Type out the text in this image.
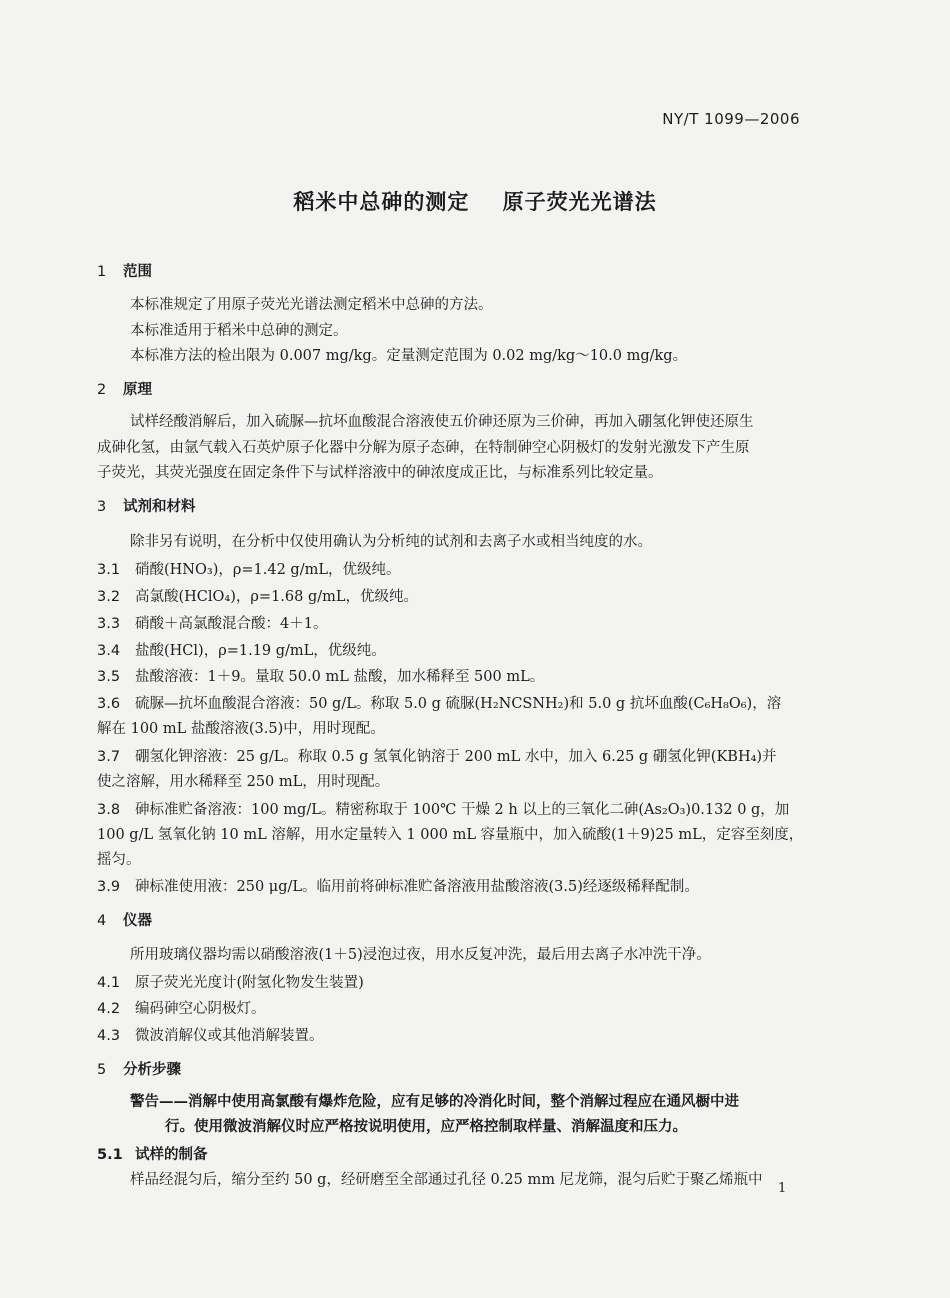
NY/T 1099—2006
稻米中总砷的测定    原子荧光光谱法
1 范围
本标准规定了用原子荧光光谱法测定稻米中总砷的方法。
本标准适用于稻米中总砷的测定。
本标准方法的检出限为 0.007 mg/kg。定量测定范围为 0.02 mg/kg～10.0 mg/kg。
2 原理
试样经酸消解后，加入硫脲—抗坏血酸混合溶液使五价砷还原为三价砷，再加入硼氢化钾使还原生
成砷化氢，由氩气载入石英炉原子化器中分解为原子态砷，在特制砷空心阴极灯的发射光激发下产生原
子荧光，其荧光强度在固定条件下与试样溶液中的砷浓度成正比，与标准系列比较定量。
3 试剂和材料
除非另有说明，在分析中仅使用确认为分析纯的试剂和去离子水或相当纯度的水。
3.1 硝酸(HNO₃)，ρ=1.42 g/mL，优级纯。
3.2 高氯酸(HClO₄)，ρ=1.68 g/mL，优级纯。
3.3 硝酸＋高氯酸混合酸：4＋1。
3.4 盐酸(HCl)，ρ=1.19 g/mL，优级纯。
3.5 盐酸溶液：1＋9。量取 50.0 mL 盐酸，加水稀释至 500 mL。
3.6 硫脲—抗坏血酸混合溶液：50 g/L。称取 5.0 g 硫脲(H₂NCSNH₂)和 5.0 g 抗坏血酸(C₆H₈O₆)，溶
解在 100 mL 盐酸溶液(3.5)中，用时现配。
3.7 硼氢化钾溶液：25 g/L。称取 0.5 g 氢氧化钠溶于 200 mL 水中，加入 6.25 g 硼氢化钾(KBH₄)并
使之溶解，用水稀释至 250 mL，用时现配。
3.8 砷标准贮备溶液：100 mg/L。精密称取于 100℃ 干燥 2 h 以上的三氧化二砷(As₂O₃)0.132 0 g，加
100 g/L 氢氧化钠 10 mL 溶解，用水定量转入 1 000 mL 容量瓶中，加入硫酸(1＋9)25 mL，定容至刻度，
摇匀。
3.9 砷标准使用液：250 μg/L。临用前将砷标准贮备溶液用盐酸溶液(3.5)经逐级稀释配制。
4 仪器
所用玻璃仪器均需以硝酸溶液(1＋5)浸泡过夜，用水反复冲洗，最后用去离子水冲洗干净。
4.1 原子荧光光度计(附氢化物发生装置)
4.2 编码砷空心阴极灯。
4.3 微波消解仪或其他消解装置。
5 分析步骤
警告——消解中使用高氯酸有爆炸危险，应有足够的冷消化时间，整个消解过程应在通风橱中进
行。使用微波消解仪时应严格按说明使用，应严格控制取样量、消解温度和压力。
5.1 试样的制备
样品经混匀后，缩分至约 50 g，经研磨至全部通过孔径 0.25 mm 尼龙筛，混匀后贮于聚乙烯瓶中
1
